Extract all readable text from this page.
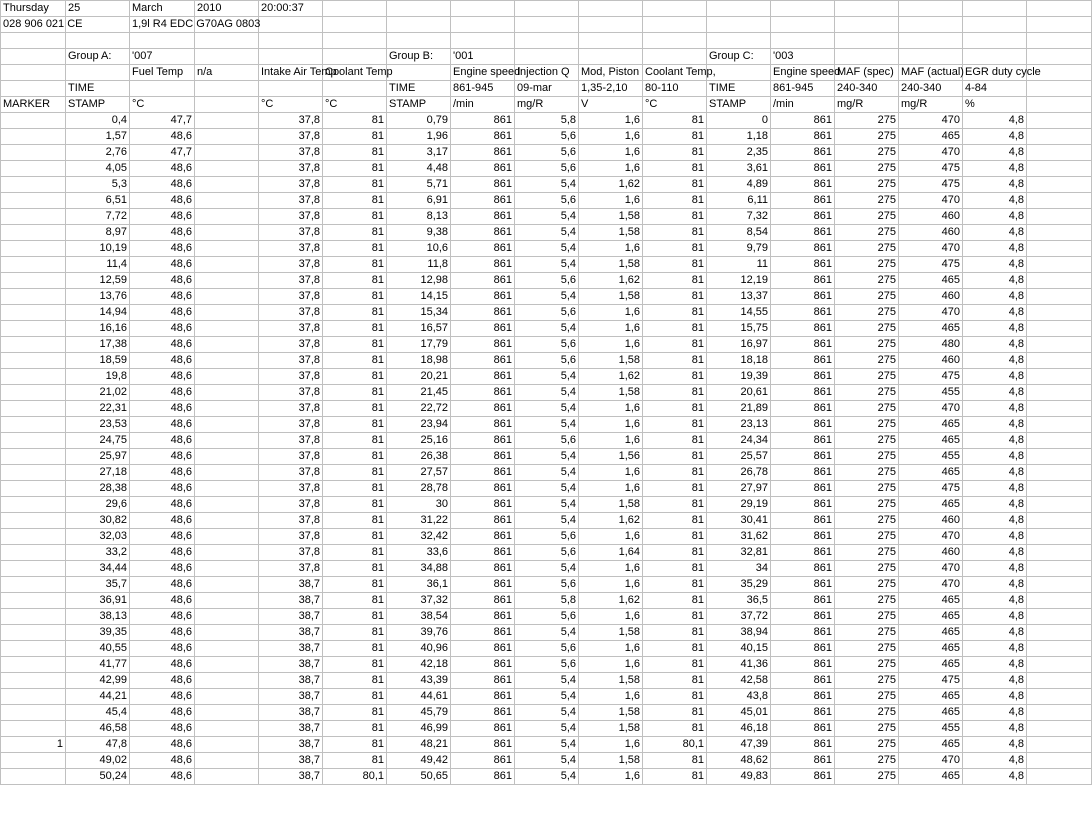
Thursday	25	March	2010	20:00:37												
028 906 021 CE		1,9l R4 EDC G70AG 0803														

	Group A:	'007				Group B:	'001				Group C:	'003				
		Fuel Temp	n/a	Intake Air Temp	Coolant Temp		Engine speed	Injection Q	Mod, Piston	Coolant Temp,		Engine speed	MAF (spec)	MAF (actual)	EGR duty cycle	
	TIME					TIME	861-945	09-mar	1,35-2,10	80-110	TIME	861-945	240-340	240-340	4-84	
MARKER	STAMP	°C		°C	°C	STAMP	/min	mg/R	V	°C	STAMP	/min	mg/R	mg/R	%	
	0,4	47,7		37,8	81	0,79	861	5,8	1,6	81	0	861	275	470	4,8	
	1,57	48,6		37,8	81	1,96	861	5,6	1,6	81	1,18	861	275	465	4,8	
	2,76	47,7		37,8	81	3,17	861	5,6	1,6	81	2,35	861	275	470	4,8	
	4,05	48,6		37,8	81	4,48	861	5,6	1,6	81	3,61	861	275	475	4,8	
	5,3	48,6		37,8	81	5,71	861	5,4	1,62	81	4,89	861	275	475	4,8	
	6,51	48,6		37,8	81	6,91	861	5,6	1,6	81	6,11	861	275	470	4,8	
	7,72	48,6		37,8	81	8,13	861	5,4	1,58	81	7,32	861	275	460	4,8	
	8,97	48,6		37,8	81	9,38	861	5,4	1,58	81	8,54	861	275	460	4,8	
	10,19	48,6		37,8	81	10,6	861	5,4	1,6	81	9,79	861	275	470	4,8	
	11,4	48,6		37,8	81	11,8	861	5,4	1,58	81	11	861	275	475	4,8	
	12,59	48,6		37,8	81	12,98	861	5,6	1,62	81	12,19	861	275	465	4,8	
	13,76	48,6		37,8	81	14,15	861	5,4	1,58	81	13,37	861	275	460	4,8	
	14,94	48,6		37,8	81	15,34	861	5,6	1,6	81	14,55	861	275	470	4,8	
	16,16	48,6		37,8	81	16,57	861	5,4	1,6	81	15,75	861	275	465	4,8	
	17,38	48,6		37,8	81	17,79	861	5,6	1,6	81	16,97	861	275	480	4,8	
	18,59	48,6		37,8	81	18,98	861	5,6	1,58	81	18,18	861	275	460	4,8	
	19,8	48,6		37,8	81	20,21	861	5,4	1,62	81	19,39	861	275	475	4,8	
	21,02	48,6		37,8	81	21,45	861	5,4	1,58	81	20,61	861	275	455	4,8	
	22,31	48,6		37,8	81	22,72	861	5,4	1,6	81	21,89	861	275	470	4,8	
	23,53	48,6		37,8	81	23,94	861	5,4	1,6	81	23,13	861	275	465	4,8	
	24,75	48,6		37,8	81	25,16	861	5,6	1,6	81	24,34	861	275	465	4,8	
	25,97	48,6		37,8	81	26,38	861	5,4	1,56	81	25,57	861	275	455	4,8	
	27,18	48,6		37,8	81	27,57	861	5,4	1,6	81	26,78	861	275	465	4,8	
	28,38	48,6		37,8	81	28,78	861	5,4	1,6	81	27,97	861	275	475	4,8	
	29,6	48,6		37,8	81	30	861	5,4	1,58	81	29,19	861	275	465	4,8	
	30,82	48,6		37,8	81	31,22	861	5,4	1,62	81	30,41	861	275	460	4,8	
	32,03	48,6		37,8	81	32,42	861	5,6	1,6	81	31,62	861	275	470	4,8	
	33,2	48,6		37,8	81	33,6	861	5,6	1,64	81	32,81	861	275	460	4,8	
	34,44	48,6		37,8	81	34,88	861	5,4	1,6	81	34	861	275	470	4,8	
	35,7	48,6		38,7	81	36,1	861	5,6	1,6	81	35,29	861	275	470	4,8	
	36,91	48,6		38,7	81	37,32	861	5,8	1,62	81	36,5	861	275	465	4,8	
	38,13	48,6		38,7	81	38,54	861	5,6	1,6	81	37,72	861	275	465	4,8	
	39,35	48,6		38,7	81	39,76	861	5,4	1,58	81	38,94	861	275	465	4,8	
	40,55	48,6		38,7	81	40,96	861	5,6	1,6	81	40,15	861	275	465	4,8	
	41,77	48,6		38,7	81	42,18	861	5,6	1,6	81	41,36	861	275	465	4,8	
	42,99	48,6		38,7	81	43,39	861	5,4	1,58	81	42,58	861	275	475	4,8	
	44,21	48,6		38,7	81	44,61	861	5,4	1,6	81	43,8	861	275	465	4,8	
	45,4	48,6		38,7	81	45,79	861	5,4	1,58	81	45,01	861	275	465	4,8	
	46,58	48,6		38,7	81	46,99	861	5,4	1,58	81	46,18	861	275	455	4,8	
1	47,8	48,6		38,7	81	48,21	861	5,4	1,6	80,1	47,39	861	275	465	4,8	
	49,02	48,6		38,7	81	49,42	861	5,4	1,58	81	48,62	861	275	470	4,8	
	50,24	48,6		38,7	80,1	50,65	861	5,4	1,6	81	49,83	861	275	465	4,8	
